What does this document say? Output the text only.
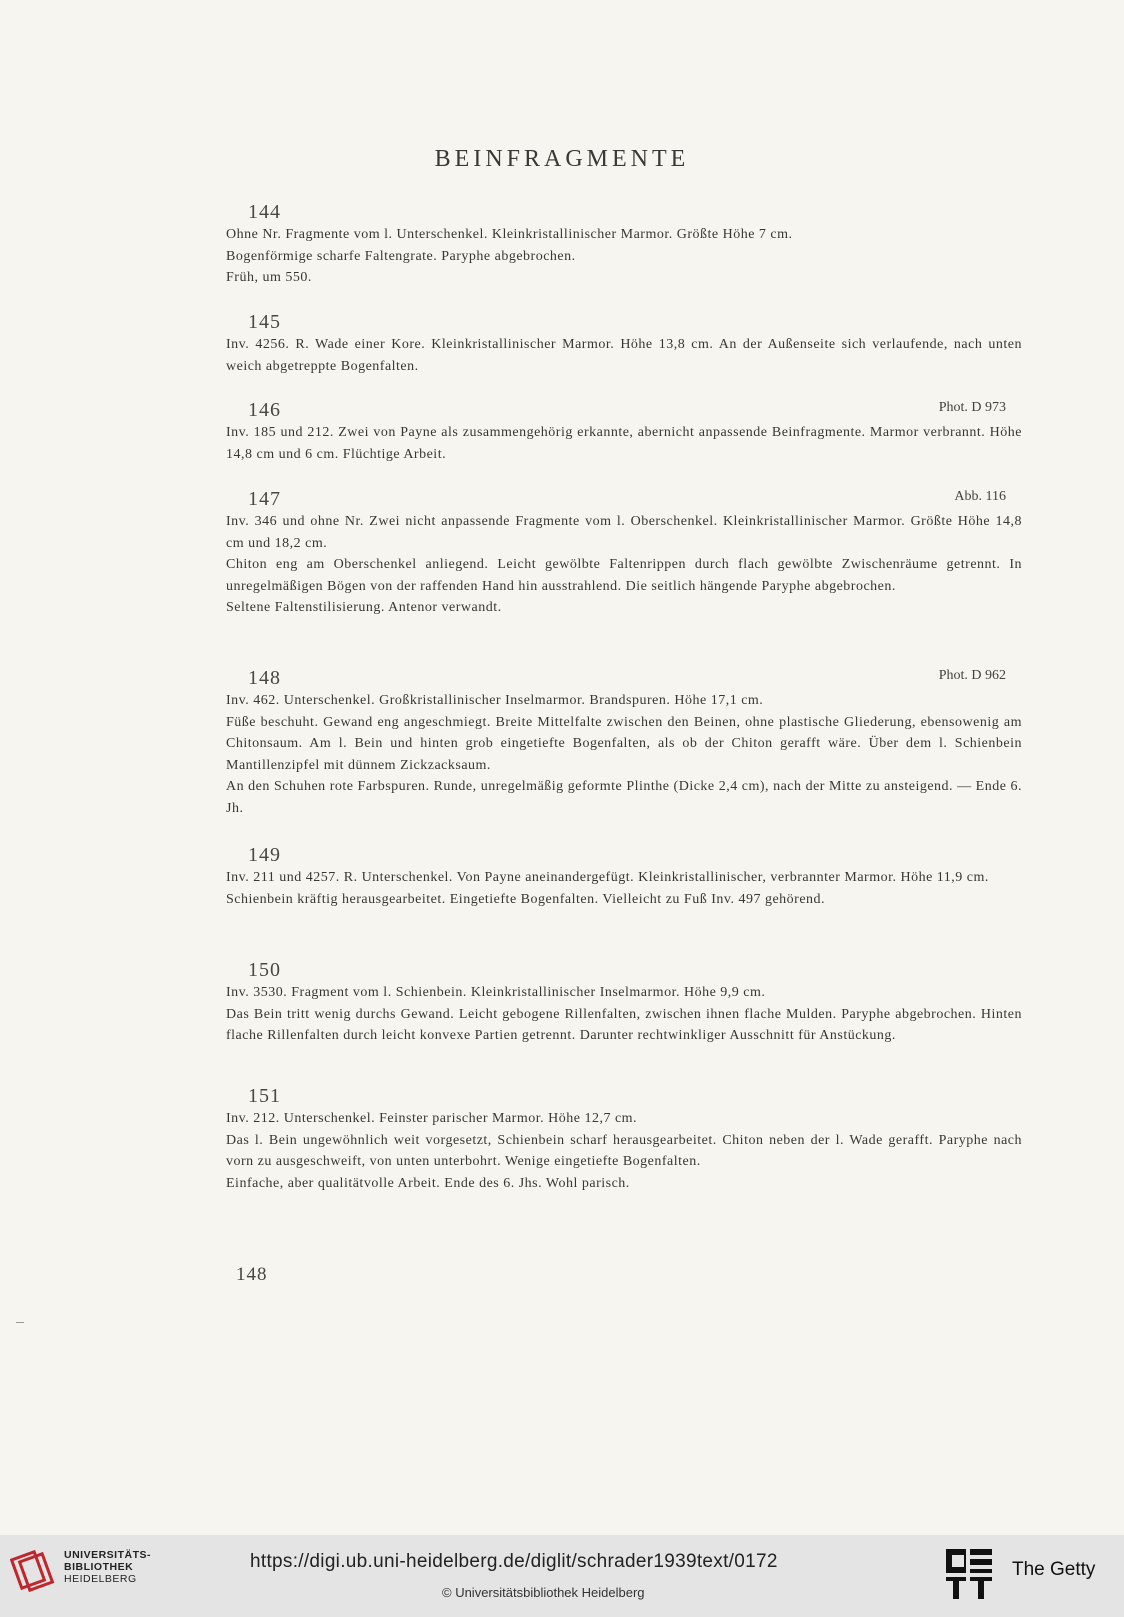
BEINFRAGMENTE
144

Ohne Nr. Fragmente vom l. Unterschenkel. Kleinkristallinischer Marmor. Größte Höhe 7 cm.

Bogenförmige scharfe Faltengrate. Paryphe abgebrochen.

Früh, um 550.

145

Inv. 4256. R. Wade einer Kore. Kleinkristallinischer Marmor. Höhe 13,8 cm. An der Außenseite sich verlaufende, nach unten weich abgetreppte Bogenfalten.

146	Phot. D 973

Inv. 185 und 212. Zwei von Payne als zusammengehörig erkannte, abernicht anpassende Beinfragmente. Marmor verbrannt. Höhe 14,8 cm und 6 cm. Flüchtige Arbeit.

147	Abb. 116

Inv. 346 und ohne Nr. Zwei nicht anpassende Fragmente vom l. Oberschenkel. Kleinkristallinischer Marmor. Größte Höhe 14,8 cm und 18,2 cm.

Chiton eng am Oberschenkel anliegend. Leicht gewölbte Faltenrippen durch flach gewölbte Zwischenräume getrennt. In unregelmäßigen Bögen von der raffenden Hand hin ausstrahlend. Die seitlich hängende Paryphe abgebrochen.

Seltene Faltenstilisierung. Antenor verwandt.

148	Phot. D 962

Inv. 462. Unterschenkel. Großkristallinischer Inselmarmor. Brandspuren. Höhe 17,1 cm.

Füße beschuht. Gewand eng angeschmiegt. Breite Mittelfalte zwischen den Beinen, ohne plastische Gliederung, ebensowenig am Chitonsaum. Am l. Bein und hinten grob eingetiefte Bogenfalten, als ob der Chiton gerafft wäre. Über dem l. Schienbein Mantillenzipfel mit dünnem Zickzacksaum.

An den Schuhen rote Farbspuren. Runde, unregelmäßig geformte Plinthe (Dicke 2,4 cm), nach der Mitte zu ansteigend. — Ende 6. Jh.

149

Inv. 211 und 4257. R. Unterschenkel. Von Payne aneinandergefügt. Kleinkristallinischer, verbrannter Marmor. Höhe 11,9 cm.

Schienbein kräftig herausgearbeitet. Eingetiefte Bogenfalten. Vielleicht zu Fuß Inv. 497 gehörend.

150

Inv. 3530. Fragment vom l. Schienbein. Kleinkristallinischer Inselmarmor. Höhe 9,9 cm.

Das Bein tritt wenig durchs Gewand. Leicht gebogene Rillenfalten, zwischen ihnen flache Mulden. Paryphe abgebrochen. Hinten flache Rillenfalten durch leicht konvexe Partien getrennt. Darunter rechtwinkliger Ausschnitt für Anstückung.

151

Inv. 212. Unterschenkel. Feinster parischer Marmor. Höhe 12,7 cm.

Das l. Bein ungewöhnlich weit vorgesetzt, Schienbein scharf herausgearbeitet. Chiton neben der l. Wade gerafft. Paryphe nach vorn zu ausgeschweift, von unten unterbohrt. Wenige eingetiefte Bogenfalten.

Einfache, aber qualitätvolle Arbeit. Ende des 6. Jhs. Wohl parisch.

148
UNIVERSITÄTS-
BIBLIOTHEK
HEIDELBERG
https://digi.ub.uni-heidelberg.de/diglit/schrader1939text/0172
© Universitätsbibliothek Heidelberg
The Getty
